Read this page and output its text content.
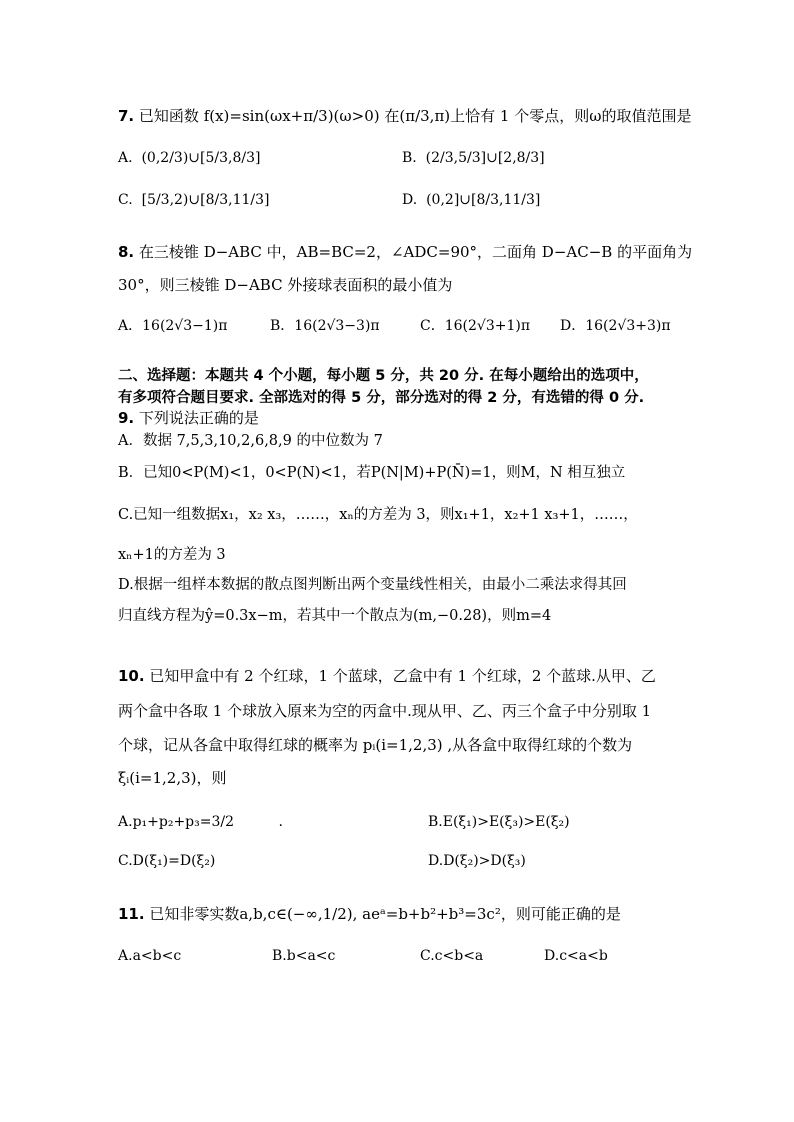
7. 已知函数 f(x)=sin(ωx+π/3)(ω>0) 在(π/3,π)上恰有 1 个零点，则ω的取值范围是
A. (0,2/3)∪[5/3,8/3]	B. (2/3,5/3]∪[2,8/3]
C. [5/3,2)∪[8/3,11/3]	D. (0,2]∪[8/3,11/3]
8. 在三棱锥 D−ABC 中，AB=BC=2，∠ADC=90°，二面角 D−AC−B 的平面角为
30°，则三棱锥 D−ABC 外接球表面积的最小值为
A．16(2√3−1)π	B．16(2√3−3)π	C．16(2√3+1)π D．16(2√3+3)π
二、选择题：本题共 4 个小题，每小题 5 分，共 20 分. 在每小题给出的选项中，
有多项符合题目要求. 全部选对的得 5 分，部分选对的得 2 分，有选错的得 0 分.
9. 下列说法正确的是
A．数据 7,5,3,10,2,6,8,9 的中位数为 7
B．已知0<P(M)<1，0<P(N)<1，若P(N|M)+P(N̄)=1，则M，N 相互独立
C.已知一组数据x₁，x₂ x₃，……，xₙ的方差为 3，则x₁+1，x₂+1 x₃+1，……，
xₙ+1的方差为 3
D.根据一组样本数据的散点图判断出两个变量线性相关，由最小二乘法求得其回
归直线方程为ŷ=0.3x−m，若其中一个散点为(m,−0.28)，则m=4
10. 已知甲盒中有 2 个红球，1 个蓝球，乙盒中有 1 个红球，2 个蓝球.从甲、乙
两个盒中各取 1 个球放入原来为空的丙盒中.现从甲、乙、丙三个盒子中分别取 1
个球，记从各盒中取得红球的概率为 pᵢ(i=1,2,3) ,从各盒中取得红球的个数为
ξᵢ(i=1,2,3)，则
A.p₁+p₂+p₃=3/2	.	B.E(ξ₁)>E(ξ₃)>E(ξ₂)
C.D(ξ₁)=D(ξ₂)	D.D(ξ₂)>D(ξ₃)
11. 已知非零实数a,b,c∈(−∞,1/2), aeᵃ=b+b²+b³=3c²，则可能正确的是
A.a<b<c	B.b<a<c	C.c<b<a	D.c<a<b
